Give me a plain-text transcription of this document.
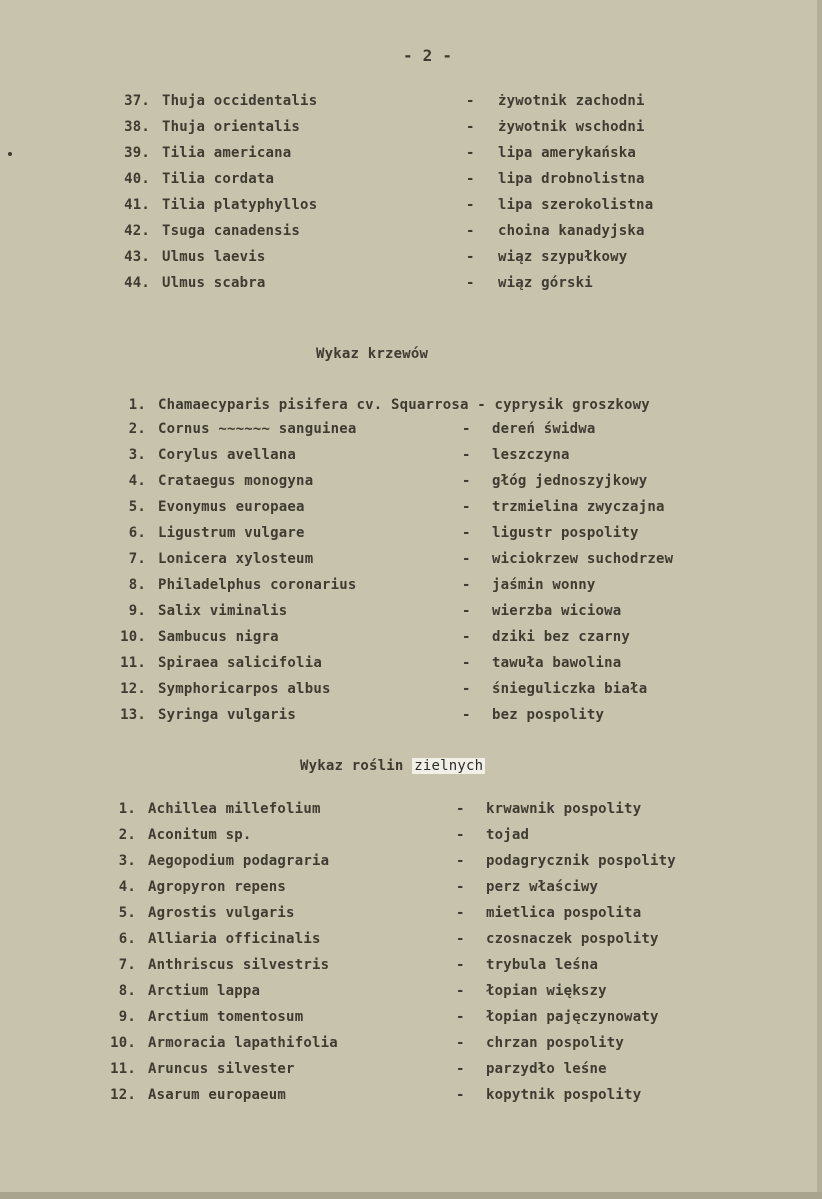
- 2 -
37. Thuja occidentalis	- żywotnik zachodni
38. Thuja orientalis	- żywotnik wschodni
39. Tilia americana	- lipa amerykańska
40. Tilia cordata	- lipa drobnolistna
41. Tilia platyphyllos	- lipa szerokolistna
42. Tsuga canadensis	- choina kanadyjska
43. Ulmus laevis	- wiąz szypułkowy
44. Ulmus scabra	- wiąz górski
Wykaz krzewów
1. Chamaecyparis pisifera cv. Squarrosa - cyprysik groszkowy
2. Cornus ~~~~~~ sanguinea	- dereń świdwa
3. Corylus avellana	- leszczyna
4. Crataegus monogyna	- głóg jednoszyjkowy
5. Evonymus europaea	- trzmielina zwyczajna
6. Ligustrum vulgare	- ligustr pospolity
7. Lonicera xylosteum	- wiciokrzew suchodrzew
8. Philadelphus coronarius	- jaśmin wonny
9. Salix viminalis	- wierzba wiciowa
10. Sambucus nigra	- dziki bez czarny
11. Spiraea salicifolia	- tawuła bawolina
12. Symphoricarpos albus	- śnieguliczka biała
13. Syringa vulgaris	- bez pospolity
Wykaz roślin zielnych
1. Achillea millefolium	- krwawnik pospolity
2. Aconitum sp.	- tojad
3. Aegopodium podagraria	- podagrycznik pospolity
4. Agropyron repens	- perz właściwy
5. Agrostis vulgaris	- mietlica pospolita
6. Alliaria officinalis	- czosnaczek pospolity
7. Anthriscus silvestris	- trybula leśna
8. Arctium lappa	- łopian większy
9. Arctium tomentosum	- łopian pajęczynowaty
10. Armoracia lapathifolia	- chrzan pospolity
11. Aruncus silvester	- parzydło leśne
12. Asarum europaeum	- kopytnik pospolity
